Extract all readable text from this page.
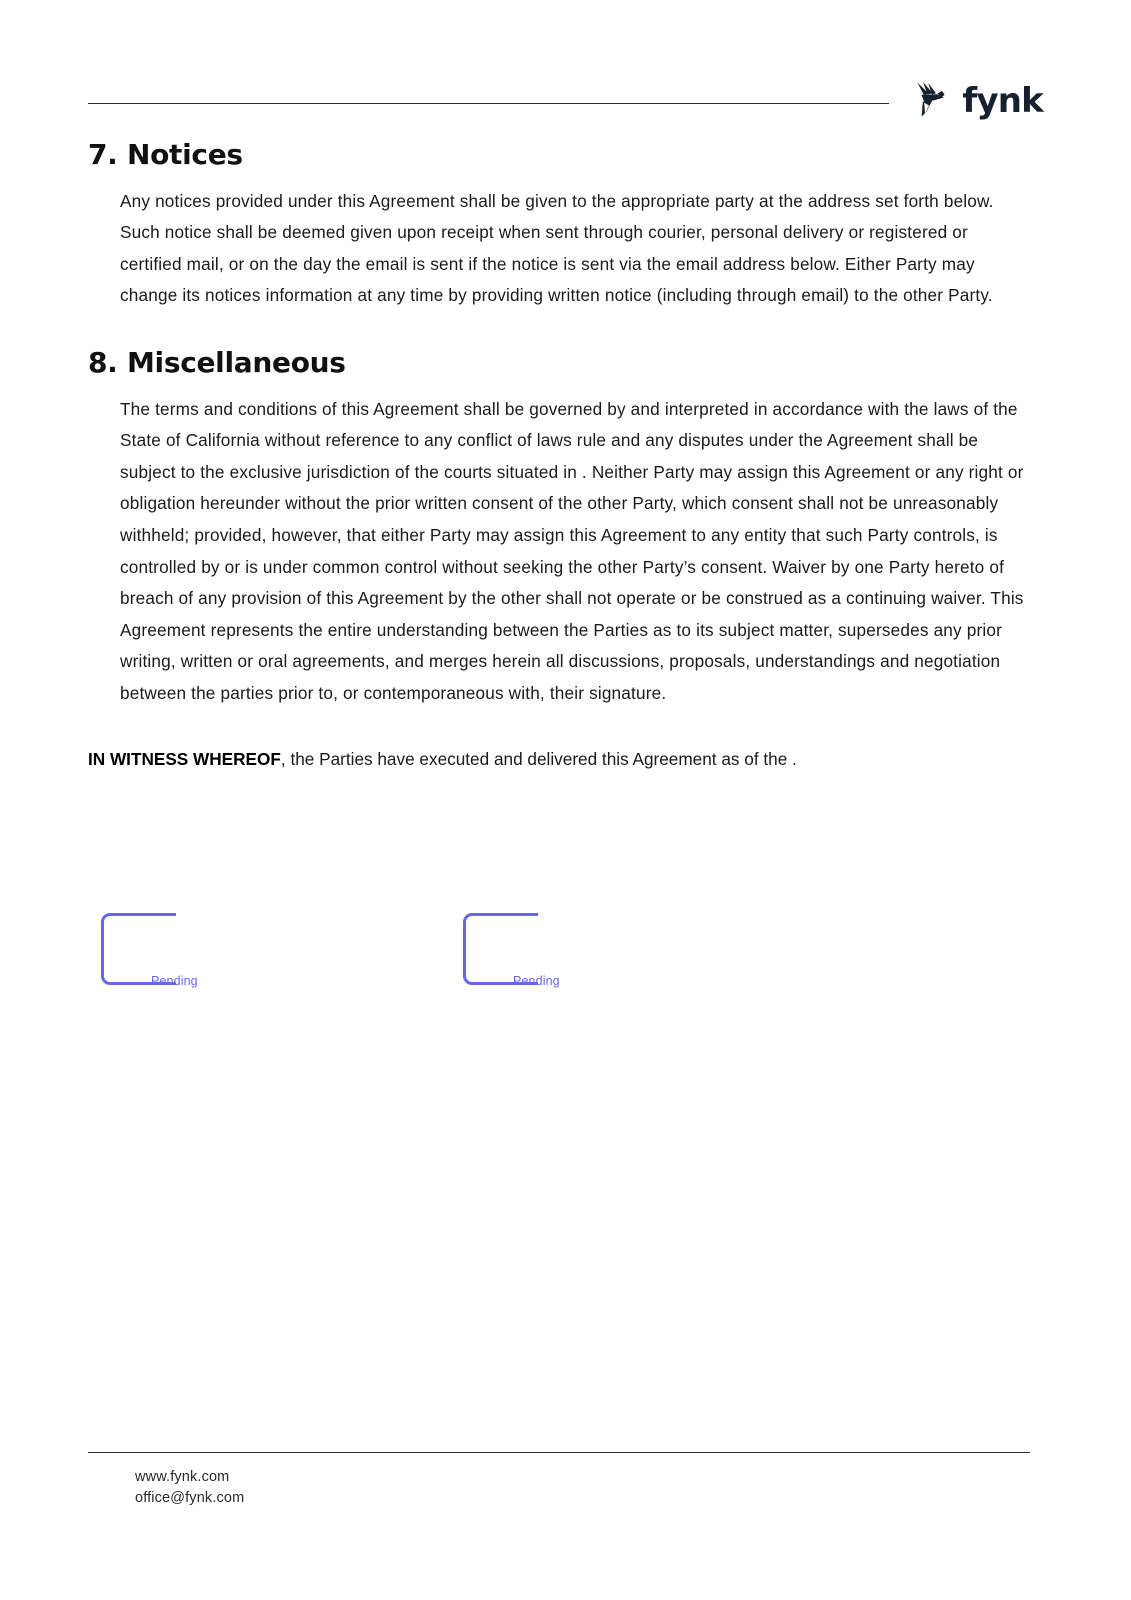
fynk
7. Notices

Any notices provided under this Agreement shall be given to the appropriate party at the address set forth below. Such notice shall be deemed given upon receipt when sent through courier, personal delivery or registered or certified mail, or on the day the email is sent if the notice is sent via the email address below. Either Party may change its notices information at any time by providing written notice (including through email) to the other Party.

8. Miscellaneous

The terms and conditions of this Agreement shall be governed by and interpreted in accordance with the laws of the State of California without reference to any conflict of laws rule and any disputes under the Agreement shall be subject to the exclusive jurisdiction of the courts situated in . Neither Party may assign this Agreement or any right or obligation hereunder without the prior written consent of the other Party, which consent shall not be unreasonably withheld; provided, however, that either Party may assign this Agreement to any entity that such Party controls, is controlled by or is under common control without seeking the other Party’s consent. Waiver by one Party hereto of breach of any provision of this Agreement by the other shall not operate or be construed as a continuing waiver. This Agreement represents the entire understanding between the Parties as to its subject matter, supersedes any prior writing, written or oral agreements, and merges herein all discussions, proposals, understandings and negotiation between the parties prior to, or contemporaneous with, their signature.

IN WITNESS WHEREOF, the Parties have executed and delivered this Agreement as of the .

Pending	Pending
www.fynk.com
office@fynk.com
